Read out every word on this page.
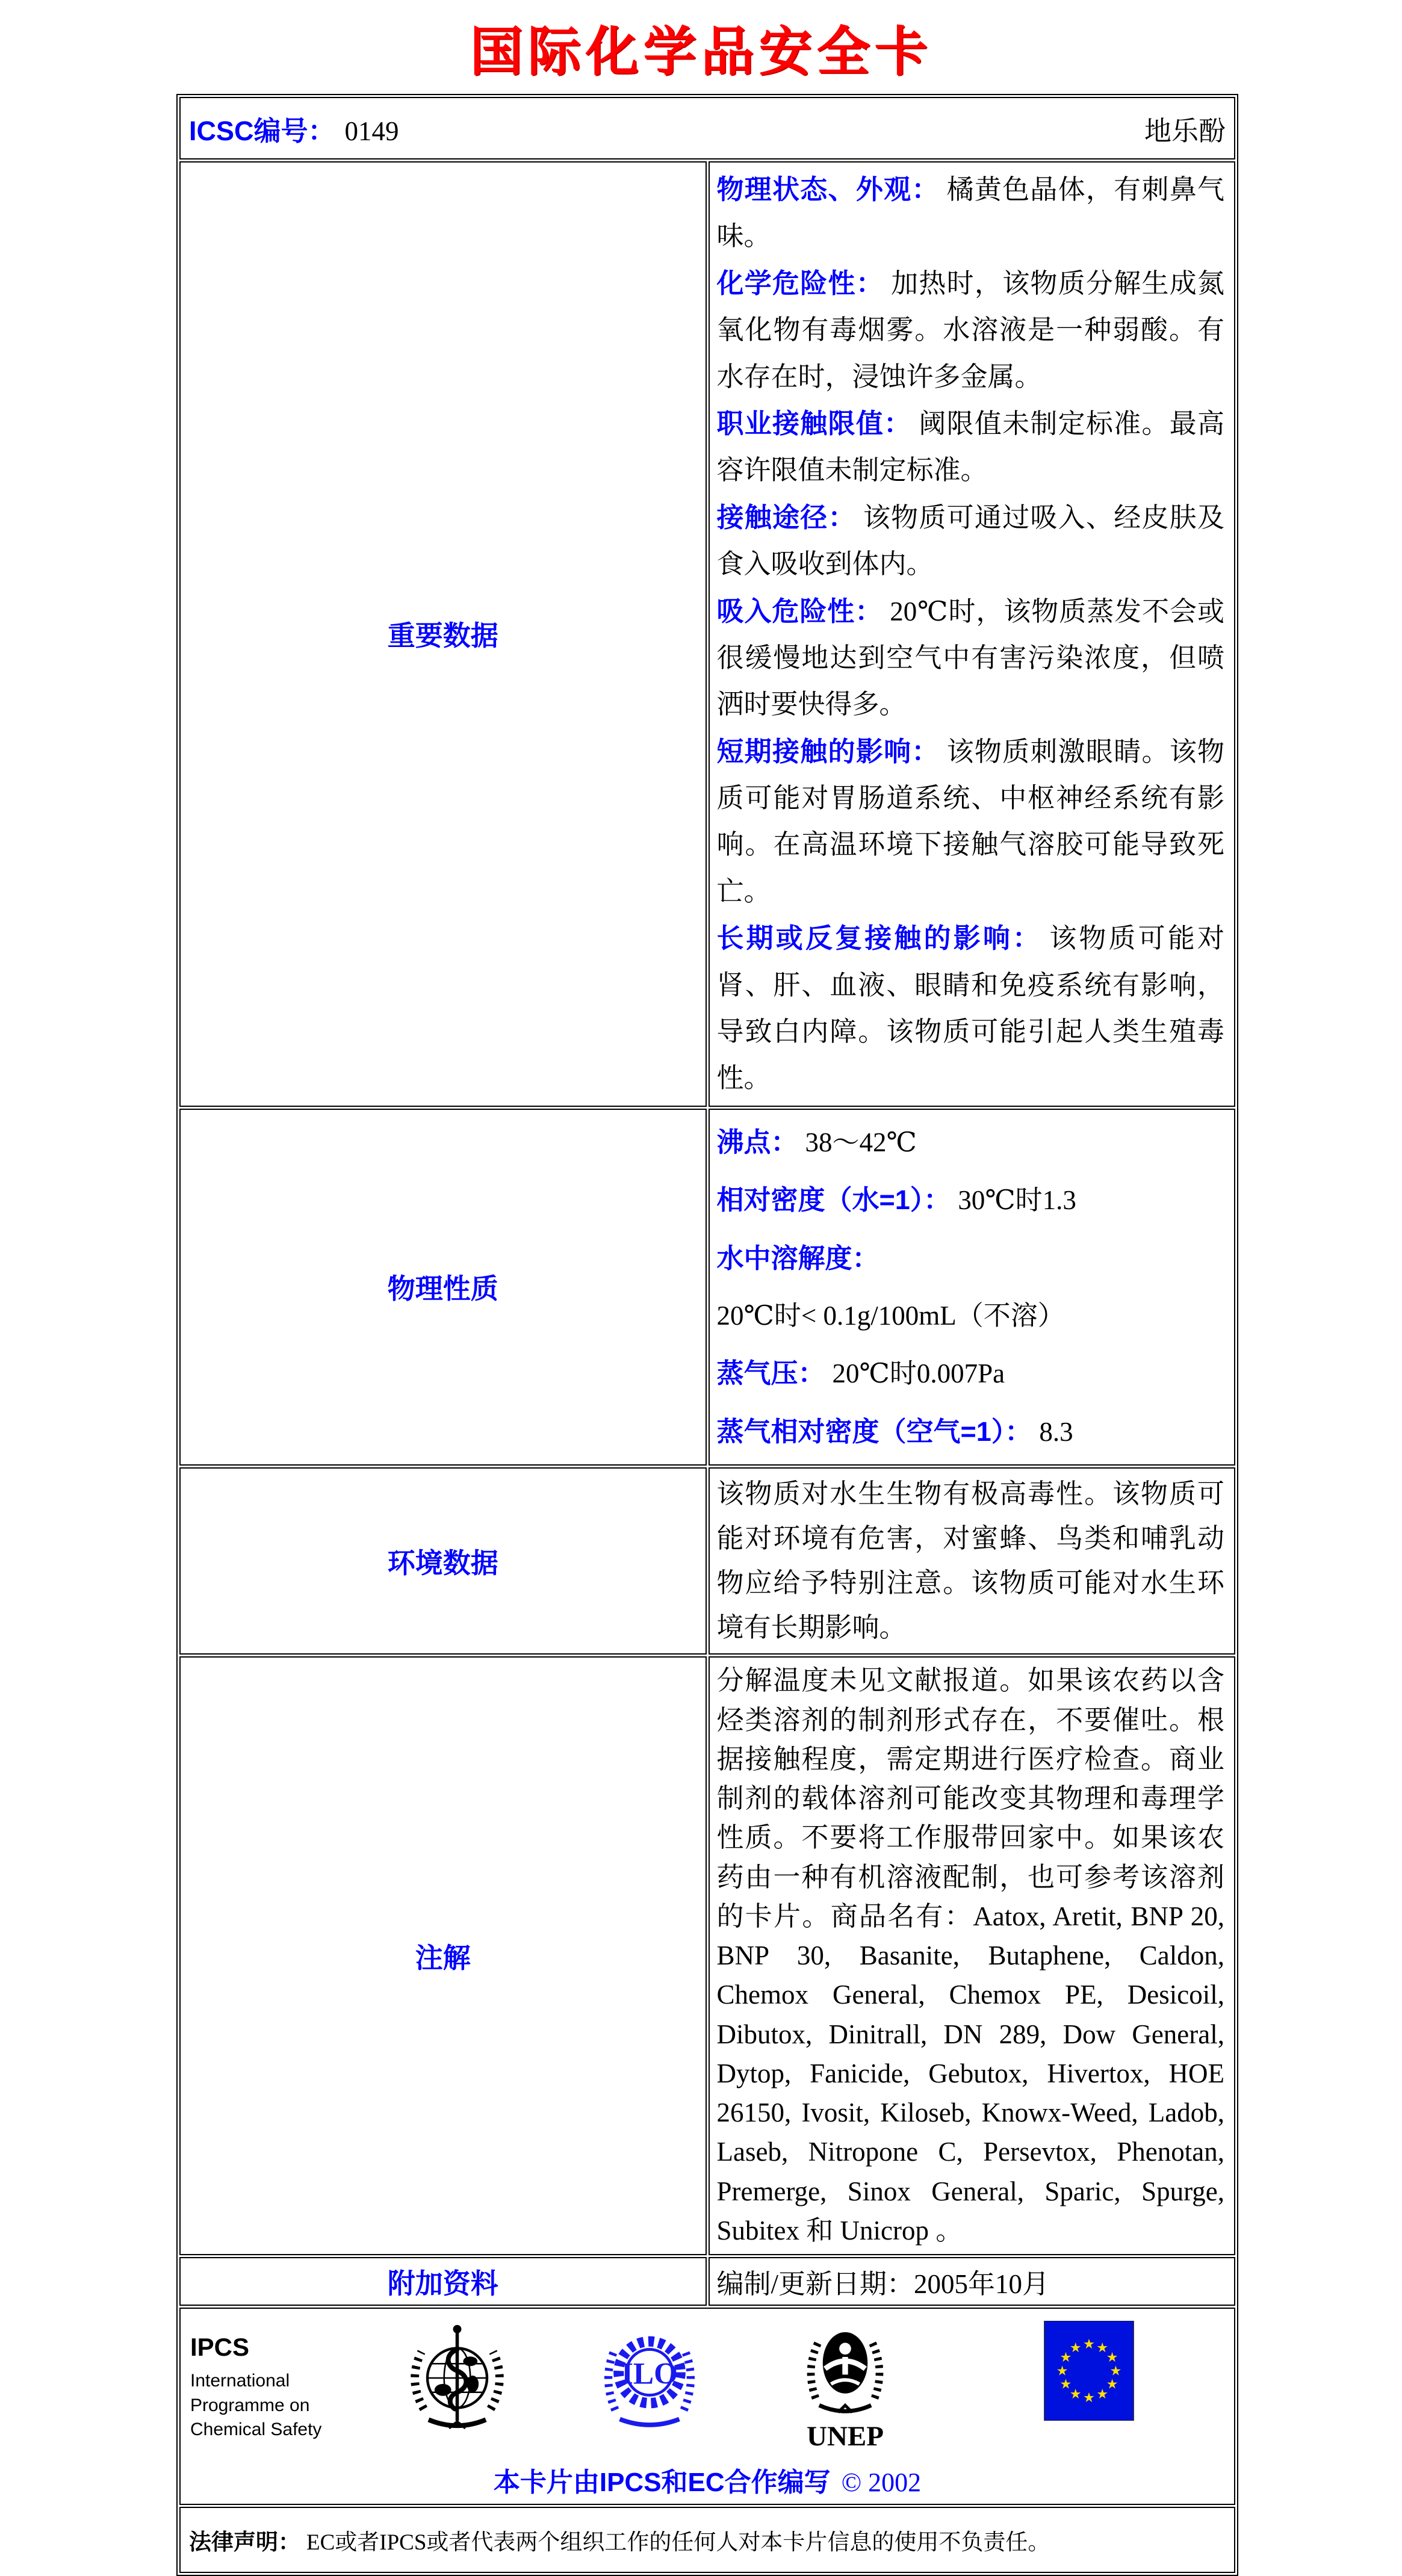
国际化学品安全卡
ICSC编号： 0149 地乐酚	

重要数据	
物理状态、外观： 橘黄色晶体，有刺鼻气味。
化学危险性： 加热时，该物质分解生成氮氧化物有毒烟雾。水溶液是一种弱酸。有水存在时，浸蚀许多金属。
职业接触限值： 阈限值未制定标准。最高容许限值未制定标准。
接触途径： 该物质可通过吸入、经皮肤及食入吸收到体内。
吸入危险性： 20℃时，该物质蒸发不会或很缓慢地达到空气中有害污染浓度，但喷洒时要快得多。
短期接触的影响： 该物质刺激眼睛。该物质可能对胃肠道系统、中枢神经系统有影响。在高温环境下接触气溶胶可能导致死亡。
长期或反复接触的影响： 该物质可能对肾、肝、血液、眼睛和免疫系统有影响，导致白内障。该物质可能引起人类生殖毒性。

物理性质	沸点： 38～42℃
相对密度（水=1）： 30℃时1.3
水中溶解度：20℃时< 0.1g/100mL（不溶）
蒸气压： 20℃时0.007Pa
蒸气相对密度（空气=1）： 8.3

环境数据	该物质对水生生物有极高毒性。该物质可能对环境有危害，对蜜蜂、鸟类和哺乳动物应给予特别注意。该物质可能对水生环境有长期影响。
注解	分解温度未见文献报道。如果该农药以含烃类溶剂的制剂形式存在，不要催吐。根据接触程度，需定期进行医疗检查。商业制剂的载体溶剂可能改变其物理和毒理学性质。不要将工作服带回家中。如果该农药由一种有机溶液配制，也可参考该溶剂的卡片。商品名有：Aatox, Aretit, BNP 20, BNP 30, Basanite, Butaphene, Caldon, Chemox General, Chemox PE, Desicoil, Dibutox, Dinitrall, DN 289, Dow General, Dytop, Fanicide, Gebutox, Hivertox, HOE 26150, Ivosit, Kiloseb, Knowx-Weed, Ladob, Laseb, Nitropone C, Persevtox, Phenotan, Premerge, Sinox General, Sparic, Spurge, Subitex 和 Unicrop 。
附加资料	编制/更新日期：2005年10月

IPCS
International
Programme on
Chemical Safety
ILO
UNEP
★ ★
★
★
★
★
★
★
★
★
★
★
本卡片由IPCS和EC合作编写 © 2002

法律声明： EC或者IPCS或者代表两个组织工作的任何人对本卡片信息的使用不负责任。	
